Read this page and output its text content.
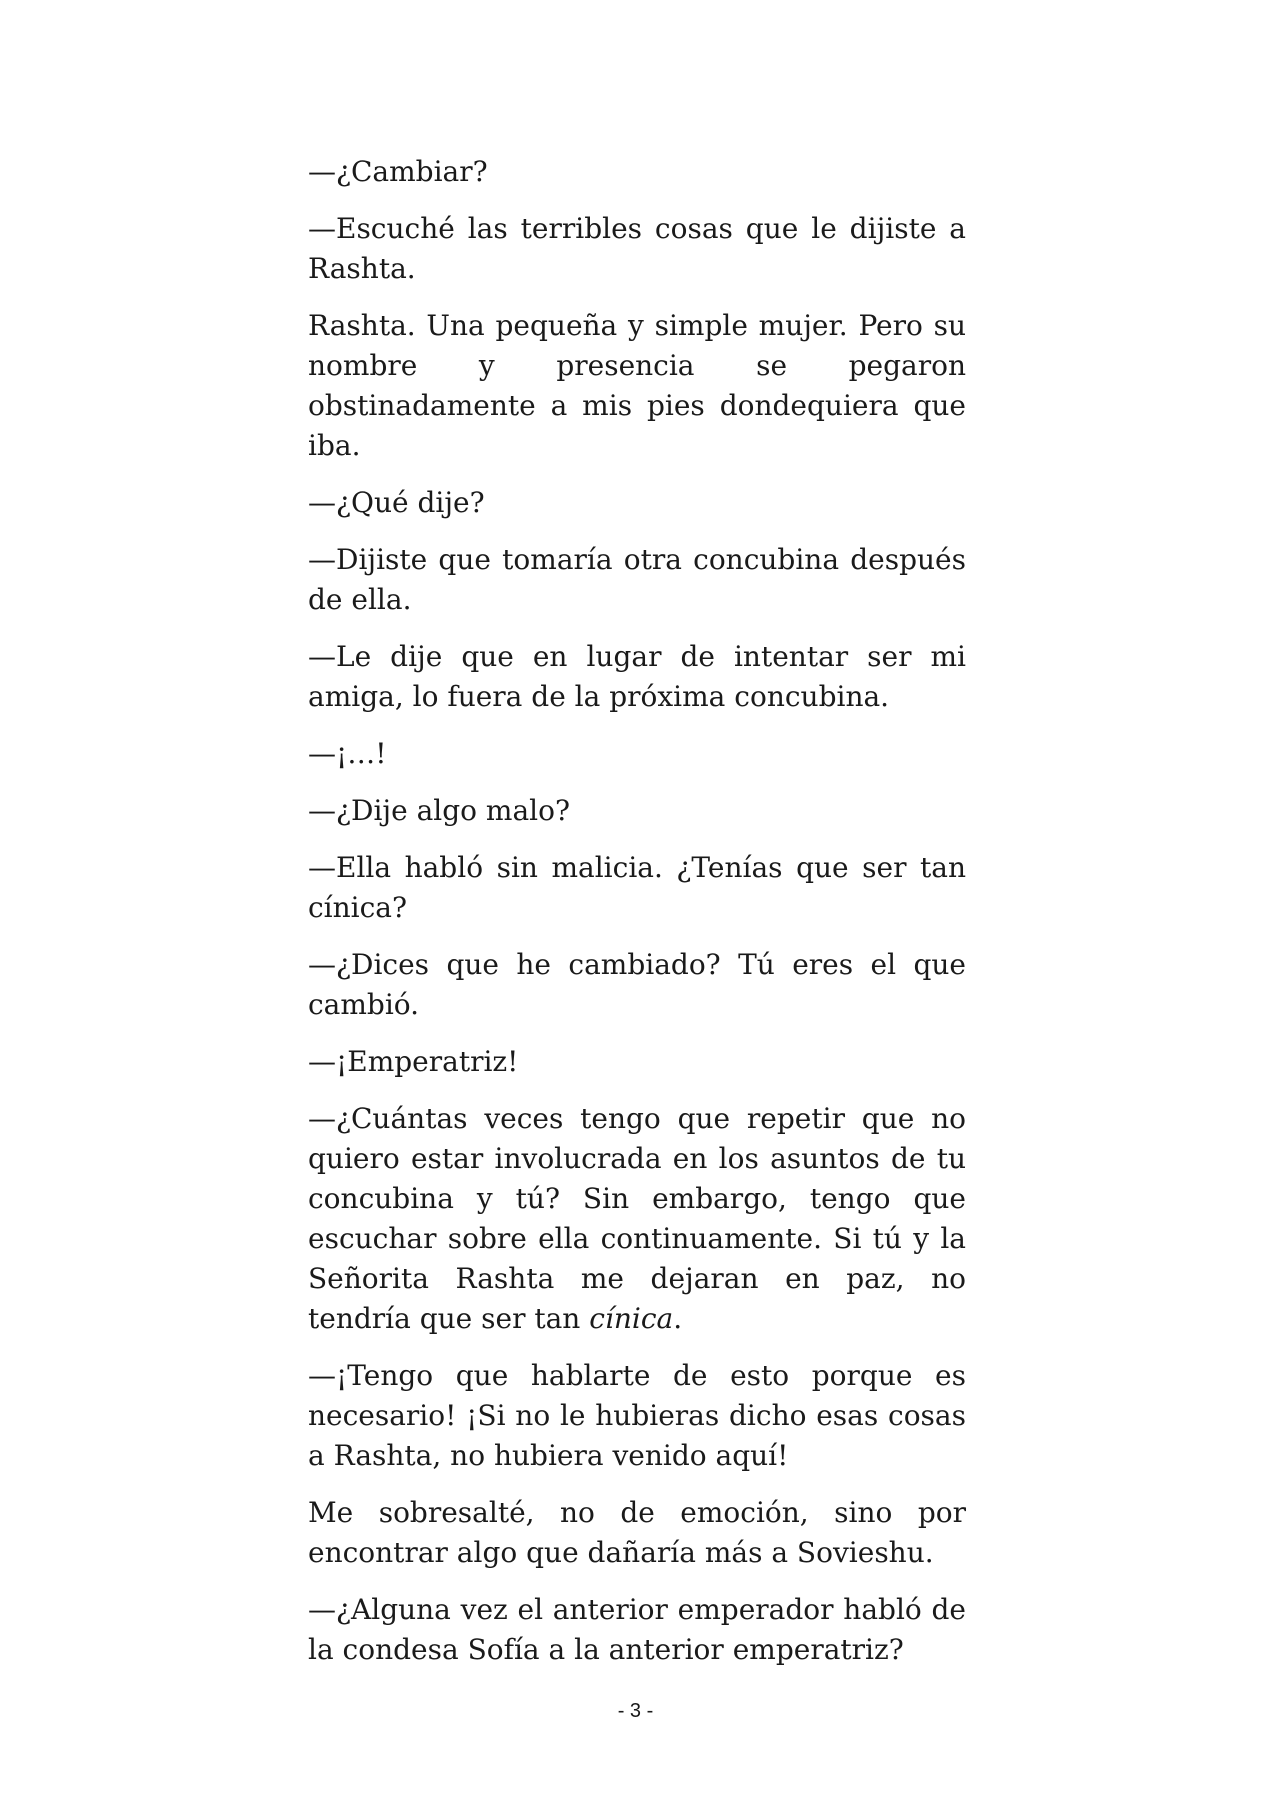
—¿Cambiar?

—Escuché las terribles cosas que le dijiste a Rashta.

Rashta. Una pequeña y simple mujer. Pero su nombre y presencia se pegaron obstinadamente a mis pies dondequiera que iba.

—¿Qué dije?

—Dijiste que tomaría otra concubina después de ella.

—Le dije que en lugar de intentar ser mi amiga, lo fuera de la próxima concubina.

—¡…!

—¿Dije algo malo?

—Ella habló sin malicia. ¿Tenías que ser tan cínica?

—¿Dices que he cambiado? Tú eres el que cambió.

—¡Emperatriz!

—¿Cuántas veces tengo que repetir que no quiero estar involucrada en los asuntos de tu concubina y tú? Sin embargo, tengo que escuchar sobre ella continuamente. Si tú y la Señorita Rashta me dejaran en paz, no tendría que ser tan cínica.

—¡Tengo que hablarte de esto porque es necesario! ¡Si no le hubieras dicho esas cosas a Rashta, no hubiera venido aquí!

Me sobresalté, no de emoción, sino por encontrar algo que dañaría más a Sovieshu.

—¿Alguna vez el anterior emperador habló de la condesa Sofía a la anterior emperatriz?

- 3 -
